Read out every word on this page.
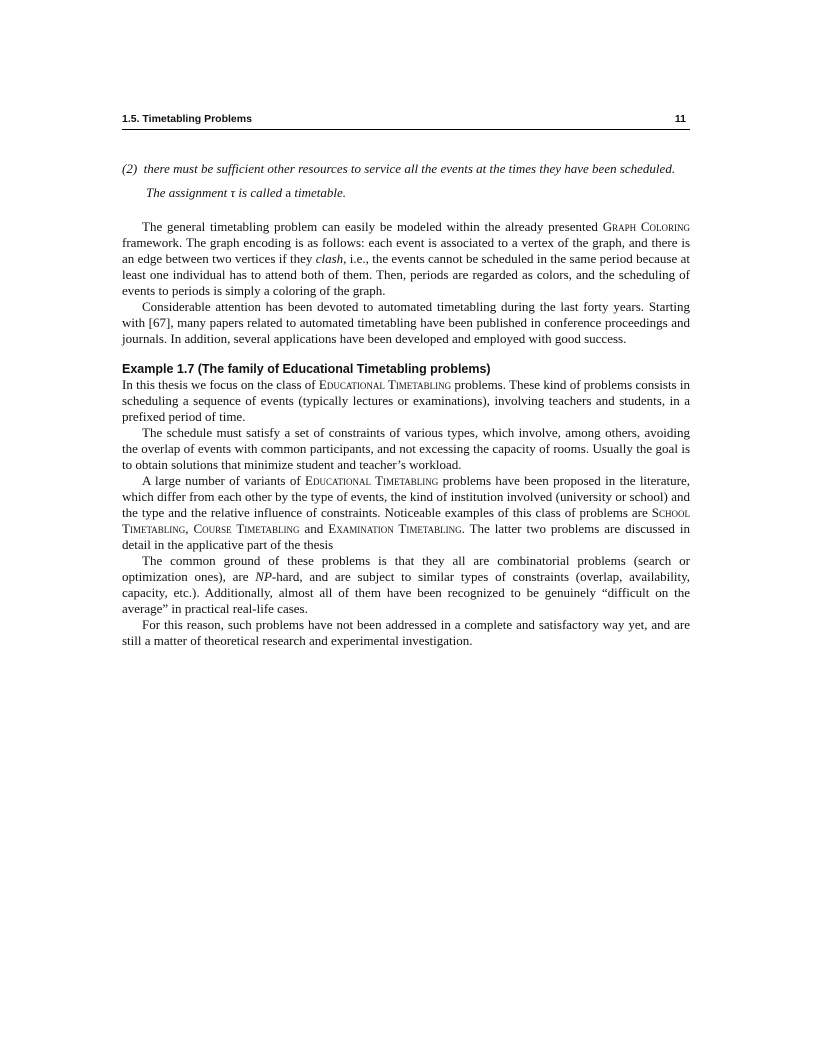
1.5. Timetabling Problems	11
(2) there must be sufficient other resources to service all the events at the times they have been scheduled.
The assignment τ is called a timetable.

The general timetabling problem can easily be modeled within the already presented Graph Coloring framework. The graph encoding is as follows: each event is associated to a vertex of the graph, and there is an edge between two vertices if they clash, i.e., the events cannot be scheduled in the same period because at least one individual has to attend both of them. Then, periods are regarded as colors, and the scheduling of events to periods is simply a coloring of the graph.

Considerable attention has been devoted to automated timetabling during the last forty years. Starting with [67], many papers related to automated timetabling have been published in conference proceedings and journals. In addition, several applications have been developed and employed with good success.

Example 1.7 (The family of Educational Timetabling problems)

In this thesis we focus on the class of Educational Timetabling problems. These kind of problems consists in scheduling a sequence of events (typically lectures or examinations), involving teachers and students, in a prefixed period of time.

The schedule must satisfy a set of constraints of various types, which involve, among others, avoiding the overlap of events with common participants, and not excessing the capacity of rooms. Usually the goal is to obtain solutions that minimize student and teacher’s workload.

A large number of variants of Educational Timetabling problems have been proposed in the literature, which differ from each other by the type of events, the kind of institution involved (university or school) and the type and the relative influence of constraints. Noticeable examples of this class of problems are School Timetabling, Course Timetabling and Examination Timetabling. The latter two problems are discussed in detail in the applicative part of the thesis

The common ground of these problems is that they all are combinatorial problems (search or optimization ones), are NP-hard, and are subject to similar types of constraints (overlap, availability, capacity, etc.). Additionally, almost all of them have been recognized to be genuinely “difficult on the average” in practical real-life cases.

For this reason, such problems have not been addressed in a complete and satisfactory way yet, and are still a matter of theoretical research and experimental investigation.
